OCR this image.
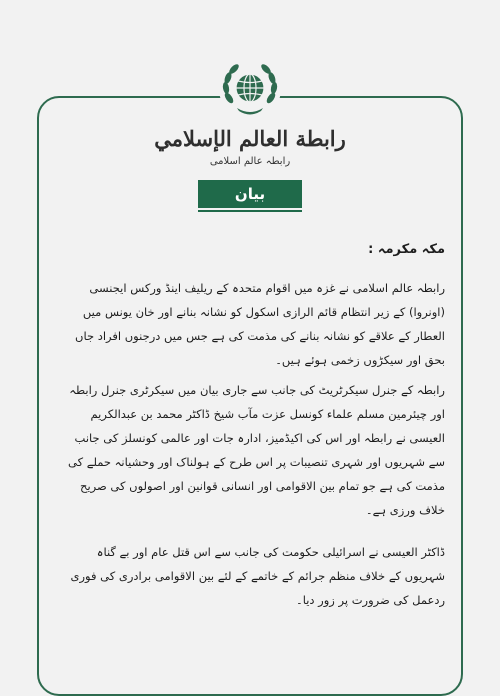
رابطة العالم الإسلامي
رابطہ عالم اسلامی
بیان
مکہ مکرمہ :
رابطہ عالم اسلامی نے غزہ میں اقوام متحدہ کے ریلیف اینڈ ورکس ایجنسی (اونروا) کے زیر انتظام قائم الرازی اسکول کو نشانہ بنانے اور خان یونس میں العطار کے علاقے کو نشانہ بنانے کی مذمت کی ہے جس میں درجنوں افراد جاں بحق اور سیکڑوں زخمی ہوئے ہیں۔
رابطہ کے جنرل سیکرٹریٹ کی جانب سے جاری بیان میں سیکرٹری جنرل رابطہ اور چیئرمین مسلم علماء کونسل عزت مآب شیخ ڈاکٹر محمد بن عبدالکریم العیسی نے رابطہ اور اس کی اکیڈمیز، ادارہ جات اور عالمی کونسلز کی جانب سے شہریوں اور شہری تنصیبات پر اس طرح کے ہولناک اور وحشیانہ حملے کی مذمت کی ہے جو تمام بین الاقوامی اور انسانی قوانین اور اصولوں کی صریح خلاف ورزی ہے۔
ڈاکٹر العیسی نے اسرائیلی حکومت کی جانب سے اس قتل عام اور بے گناہ شہریوں کے خلاف منظم جرائم کے خاتمے کے لئے بین الاقوامی برادری کی فوری ردعمل کی ضرورت پر زور دیا۔
